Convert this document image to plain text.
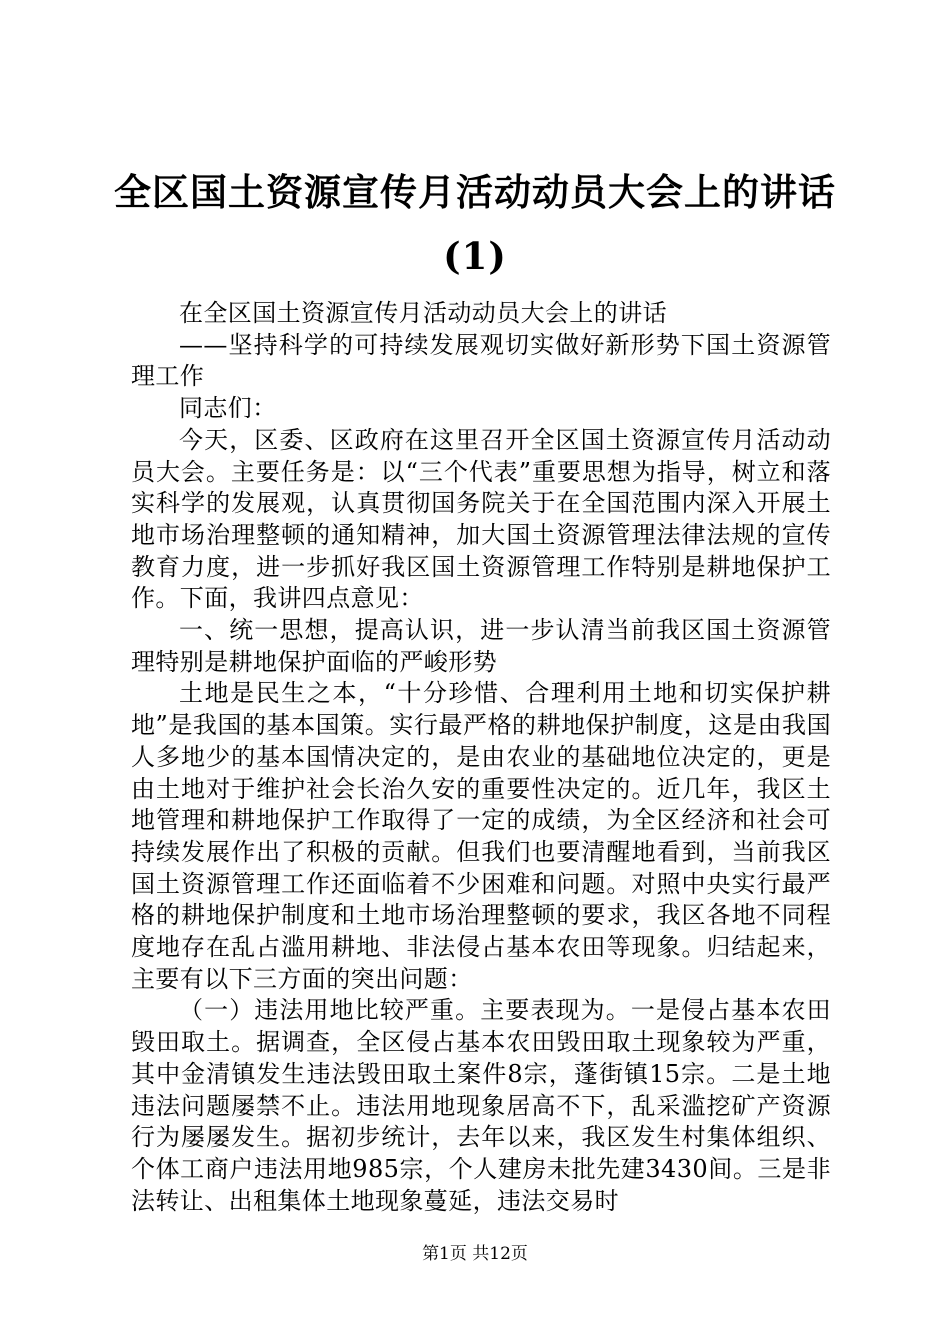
全区国土资源宣传月活动动员大会上的讲话(1)

在全区国土资源宣传月活动动员大会上的讲话

——坚持科学的可持续发展观切实做好新形势下国土资源管理工作

同志们：

今天，区委、区政府在这里召开全区国土资源宣传月活动动员大会。主要任务是：以“三个代表”重要思想为指导，树立和落实科学的发展观，认真贯彻国务院关于在全国范围内深入开展土地市场治理整顿的通知精神，加大国土资源管理法律法规的宣传教育力度，进一步抓好我区国土资源管理工作特别是耕地保护工作。下面，我讲四点意见：

一、统一思想，提高认识，进一步认清当前我区国土资源管理特别是耕地保护面临的严峻形势

土地是民生之本，“十分珍惜、合理利用土地和切实保护耕地”是我国的基本国策。实行最严格的耕地保护制度，这是由我国人多地少的基本国情决定的，是由农业的基础地位决定的，更是由土地对于维护社会长治久安的重要性决定的。近几年，我区土地管理和耕地保护工作取得了一定的成绩，为全区经济和社会可持续发展作出了积极的贡献。但我们也要清醒地看到，当前我区国土资源管理工作还面临着不少困难和问题。对照中央实行最严格的耕地保护制度和土地市场治理整顿的要求，我区各地不同程度地存在乱占滥用耕地、非法侵占基本农田等现象。归结起来，主要有以下三方面的突出问题：

（一）违法用地比较严重。主要表现为。一是侵占基本农田毁田取土。据调查，全区侵占基本农田毁田取土现象较为严重，其中金清镇发生违法毁田取土案件8宗，蓬街镇15宗。二是土地违法问题屡禁不止。违法用地现象居高不下，乱采滥挖矿产资源行为屡屡发生。据初步统计，去年以来，我区发生村集体组织、个体工商户违法用地985宗，个人建房未批先建3430间。三是非法转让、出租集体土地现象蔓延，违法交易时

第1页 共12页
